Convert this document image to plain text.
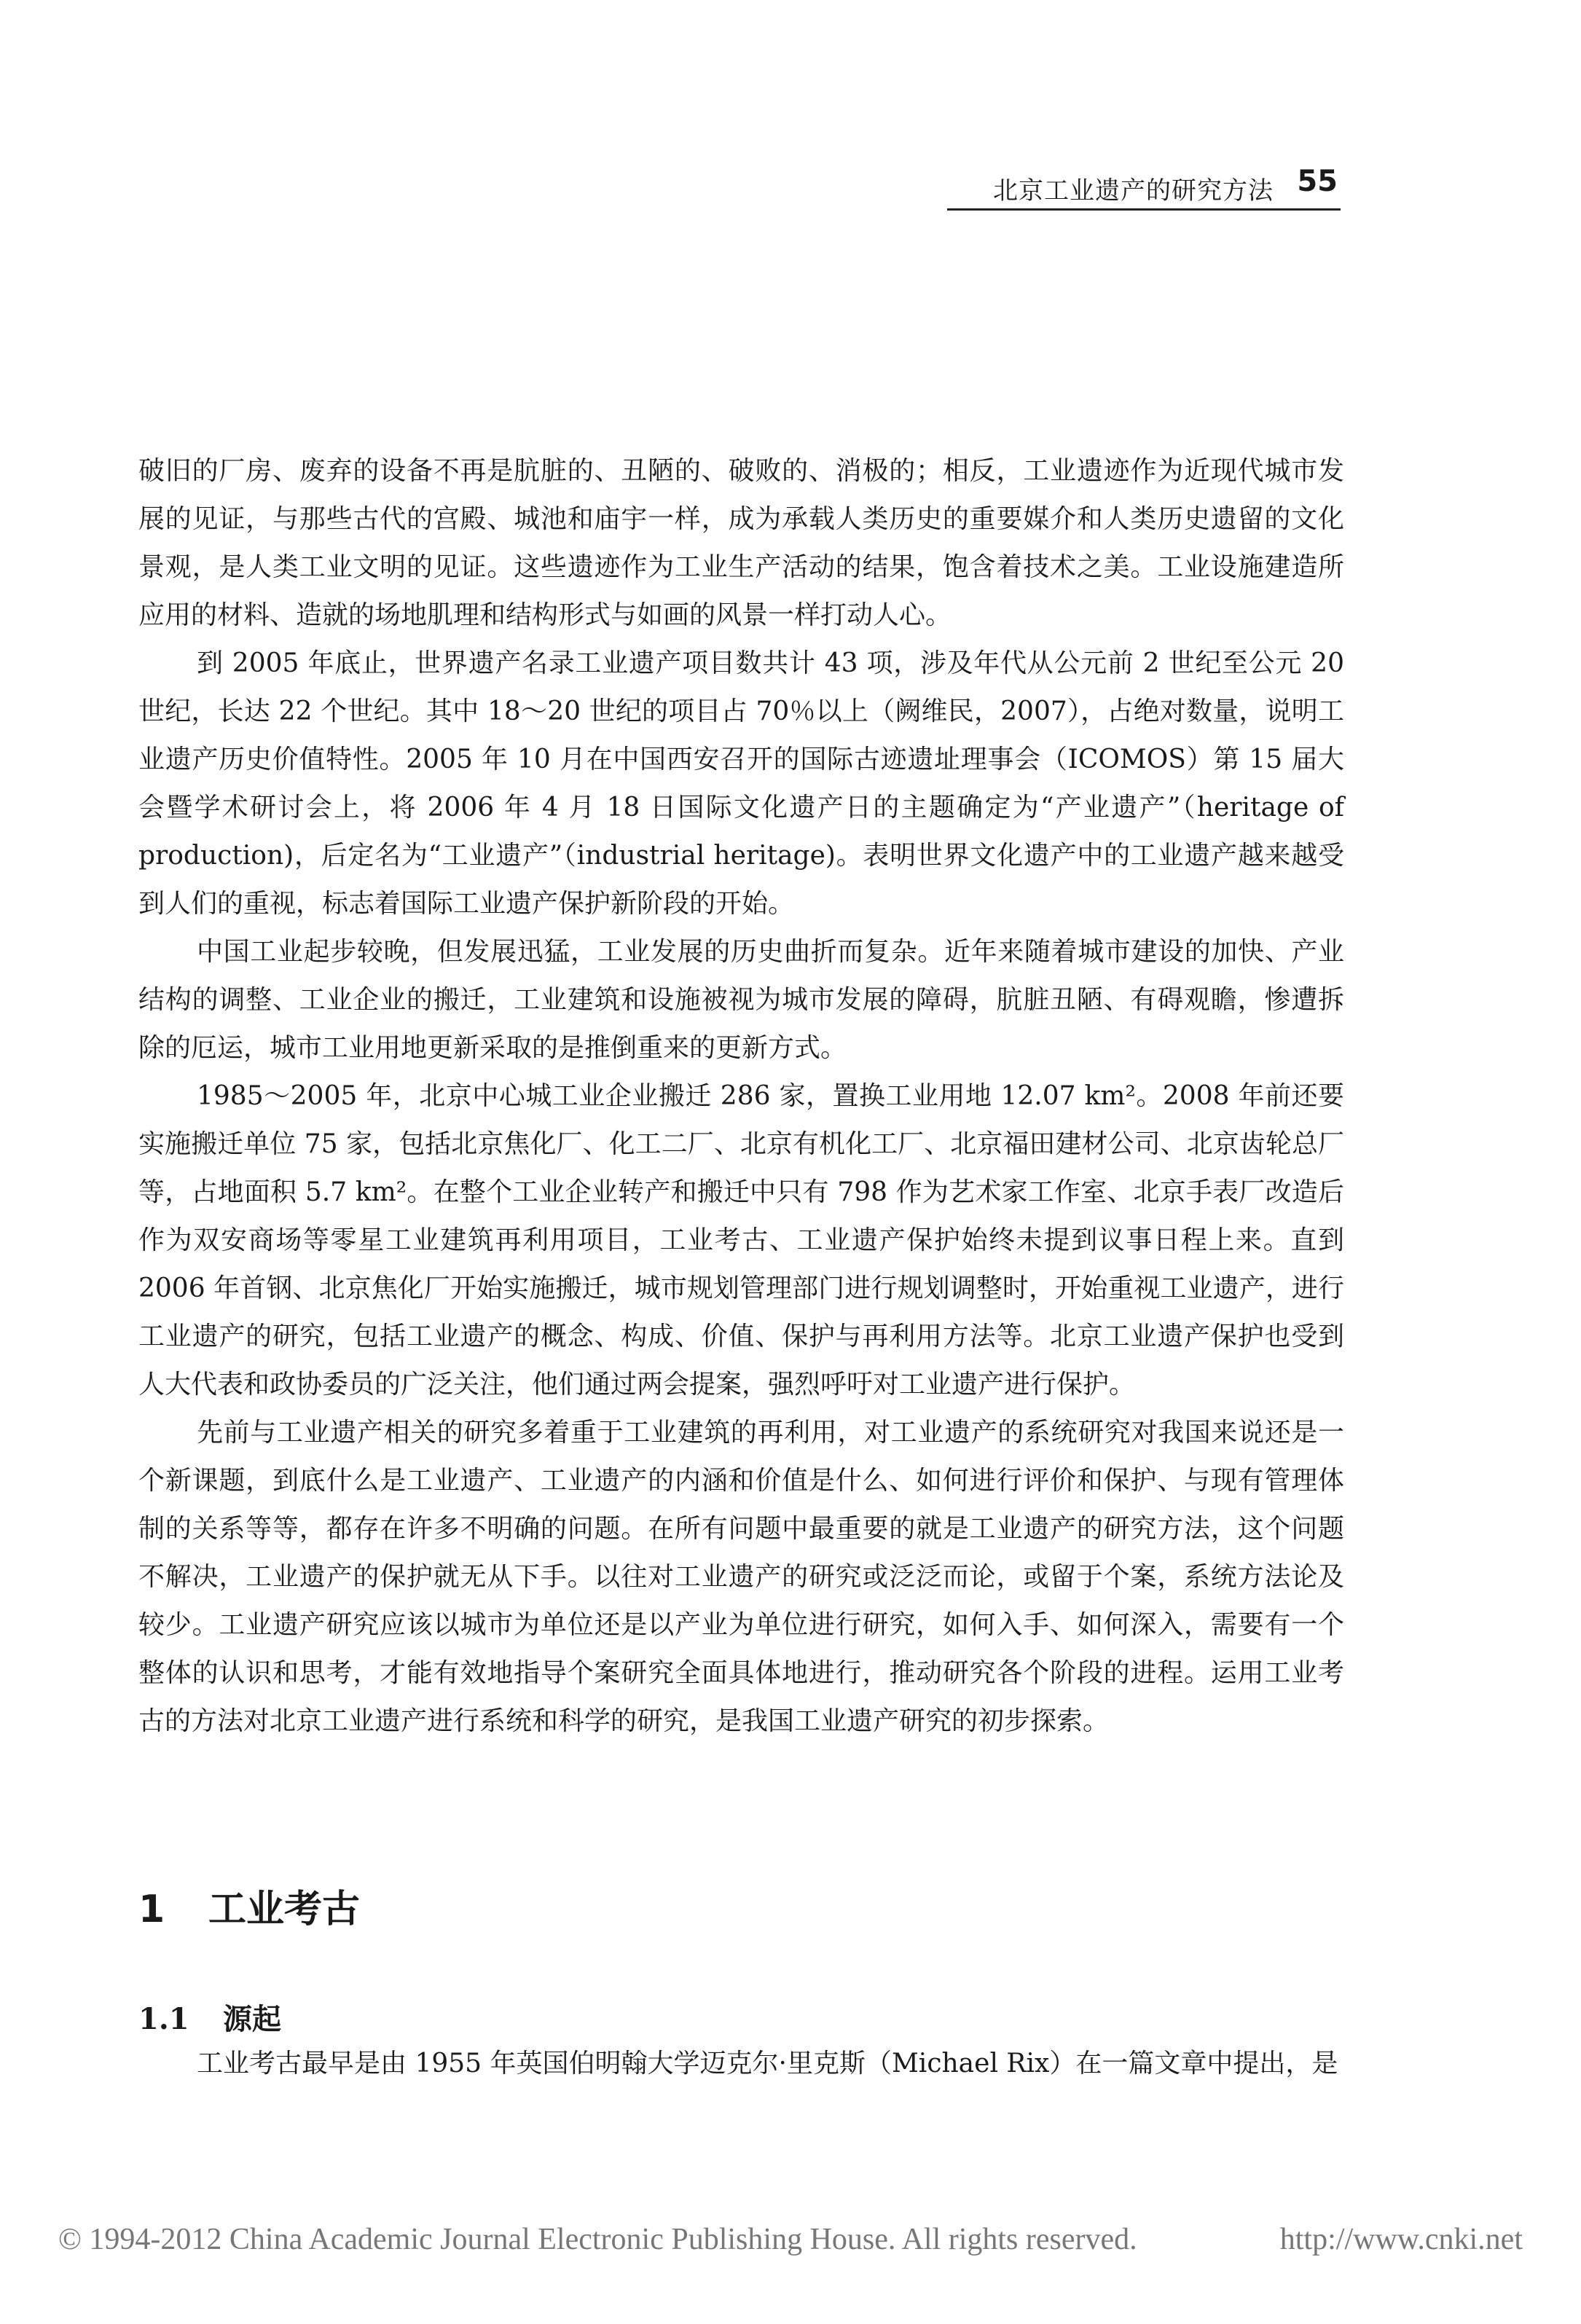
北京工业遗产的研究方法 55

破旧的厂房、废弃的设备不再是肮脏的、丑陋的、破败的、消极的；相反，工业遗迹作为近现代城市发展的见证，与那些古代的宫殿、城池和庙宇一样，成为承载人类历史的重要媒介和人类历史遗留的文化景观，是人类工业文明的见证。这些遗迹作为工业生产活动的结果，饱含着技术之美。工业设施建造所应用的材料、造就的场地肌理和结构形式与如画的风景一样打动人心。

到 2005 年底止，世界遗产名录工业遗产项目数共计 43 项，涉及年代从公元前 2 世纪至公元 20 世纪，长达 22 个世纪。其中 18～20 世纪的项目占 70％以上（阙维民，2007），占绝对数量，说明工业遗产历史价值特性。2005 年 10 月在中国西安召开的国际古迹遗址理事会（ICOMOS）第 15 届大会暨学术研讨会上，将 2006 年 4 月 18 日国际文化遗产日的主题确定为“产业遗产”（heritage of production)，后定名为“工业遗产”（industrial heritage)。表明世界文化遗产中的工业遗产越来越受到人们的重视，标志着国际工业遗产保护新阶段的开始。

中国工业起步较晚，但发展迅猛，工业发展的历史曲折而复杂。近年来随着城市建设的加快、产业结构的调整、工业企业的搬迁，工业建筑和设施被视为城市发展的障碍，肮脏丑陋、有碍观瞻，惨遭拆除的厄运，城市工业用地更新采取的是推倒重来的更新方式。

1985～2005 年，北京中心城工业企业搬迁 286 家，置换工业用地 12.07 km²。2008 年前还要实施搬迁单位 75 家，包括北京焦化厂、化工二厂、北京有机化工厂、北京福田建材公司、北京齿轮总厂等，占地面积 5.7 km²。在整个工业企业转产和搬迁中只有 798 作为艺术家工作室、北京手表厂改造后作为双安商场等零星工业建筑再利用项目，工业考古、工业遗产保护始终未提到议事日程上来。直到 2006 年首钢、北京焦化厂开始实施搬迁，城市规划管理部门进行规划调整时，开始重视工业遗产，进行工业遗产的研究，包括工业遗产的概念、构成、价值、保护与再利用方法等。北京工业遗产保护也受到人大代表和政协委员的广泛关注，他们通过两会提案，强烈呼吁对工业遗产进行保护。

先前与工业遗产相关的研究多着重于工业建筑的再利用，对工业遗产的系统研究对我国来说还是一个新课题，到底什么是工业遗产、工业遗产的内涵和价值是什么、如何进行评价和保护、与现有管理体制的关系等等，都存在许多不明确的问题。在所有问题中最重要的就是工业遗产的研究方法，这个问题不解决，工业遗产的保护就无从下手。以往对工业遗产的研究或泛泛而论，或留于个案，系统方法论及较少。工业遗产研究应该以城市为单位还是以产业为单位进行研究，如何入手、如何深入，需要有一个整体的认识和思考，才能有效地指导个案研究全面具体地进行，推动研究各个阶段的进程。运用工业考古的方法对北京工业遗产进行系统和科学的研究，是我国工业遗产研究的初步探索。

1 工业考古
1.1 源起

工业考古最早是由 1955 年英国伯明翰大学迈克尔·里克斯（Michael Rix）在一篇文章中提出，是

© 1994-2012 China Academic Journal Electronic Publishing House. All rights reserved.	http://www.cnki.net
